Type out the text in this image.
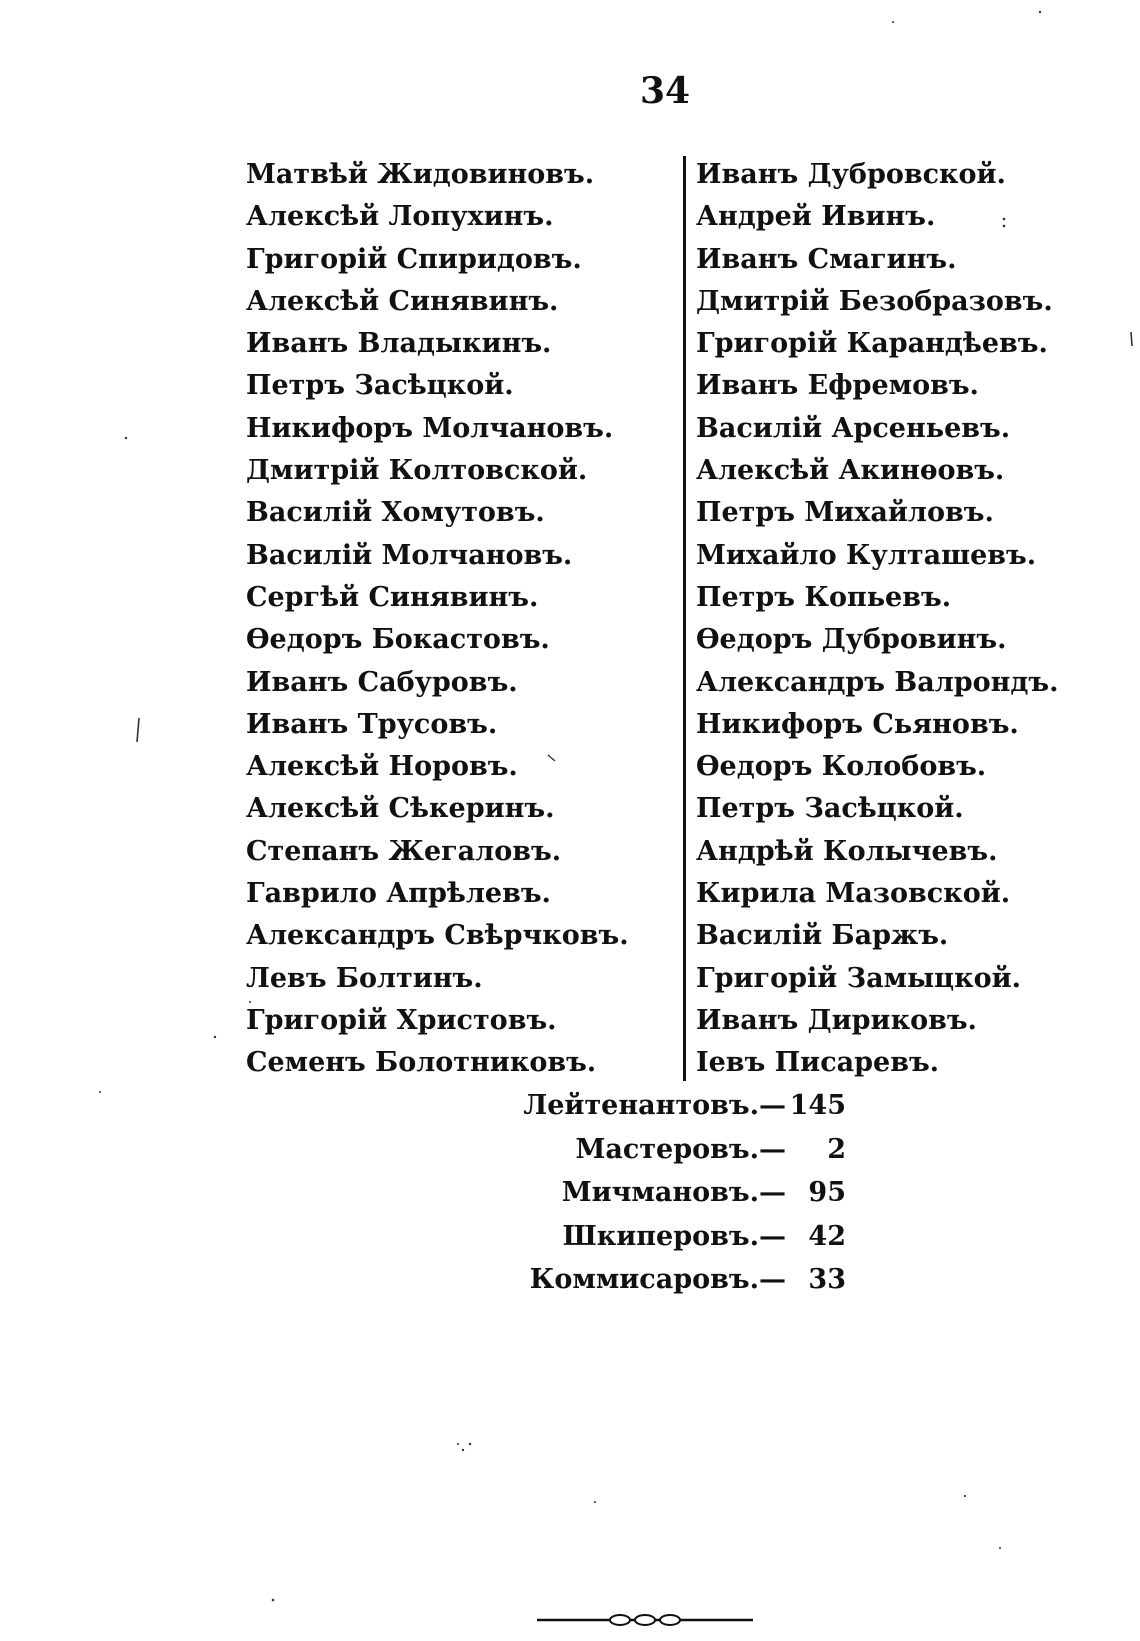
34
Матвѣй Жидовиновъ.
Алексѣй Лопухинъ.
Григорій Спиридовъ.
Алексѣй Синявинъ.
Иванъ Владыкинъ.
Петръ Засѣцкой.
Никифоръ Молчановъ.
Дмитрій Колтовской.
Василій Хомутовъ.
Василій Молчановъ.
Сергѣй Синявинъ.
Ѳедоръ Бокастовъ.
Иванъ Сабуровъ.
Иванъ Трусовъ.
Алексѣй Норовъ.
Алексѣй Сѣкеринъ.
Степанъ Жегаловъ.
Гаврило Апрѣлевъ.
Александръ Свѣрчковъ.
Левъ Болтинъ.
Григорій Христовъ.
Семенъ Болотниковъ.
Иванъ Дубровской.
Андрей Ивинъ.
Иванъ Смагинъ.
Дмитрій Безобразовъ.
Григорій Карандѣевъ.
Иванъ Ефремовъ.
Василій Арсеньевъ.
Алексѣй Акинѳовъ.
Петръ Михайловъ.
Михайло Култашевъ.
Петръ Копьевъ.
Ѳедоръ Дубровинъ.
Александръ Валрондъ.
Никифоръ Сьяновъ.
Ѳедоръ Колобовъ.
Петръ Засѣцкой.
Андрѣй Колычевъ.
Кирила Мазовской.
Василій Баржъ.
Григорій Замыцкой.
Иванъ Дириковъ.
Іевъ Писаревъ.
Лейтенантовъ.— 145
Мастеровъ.—	2
Мичмановъ.— 95
Шкиперовъ.— 42
Коммисаровъ.— 33
